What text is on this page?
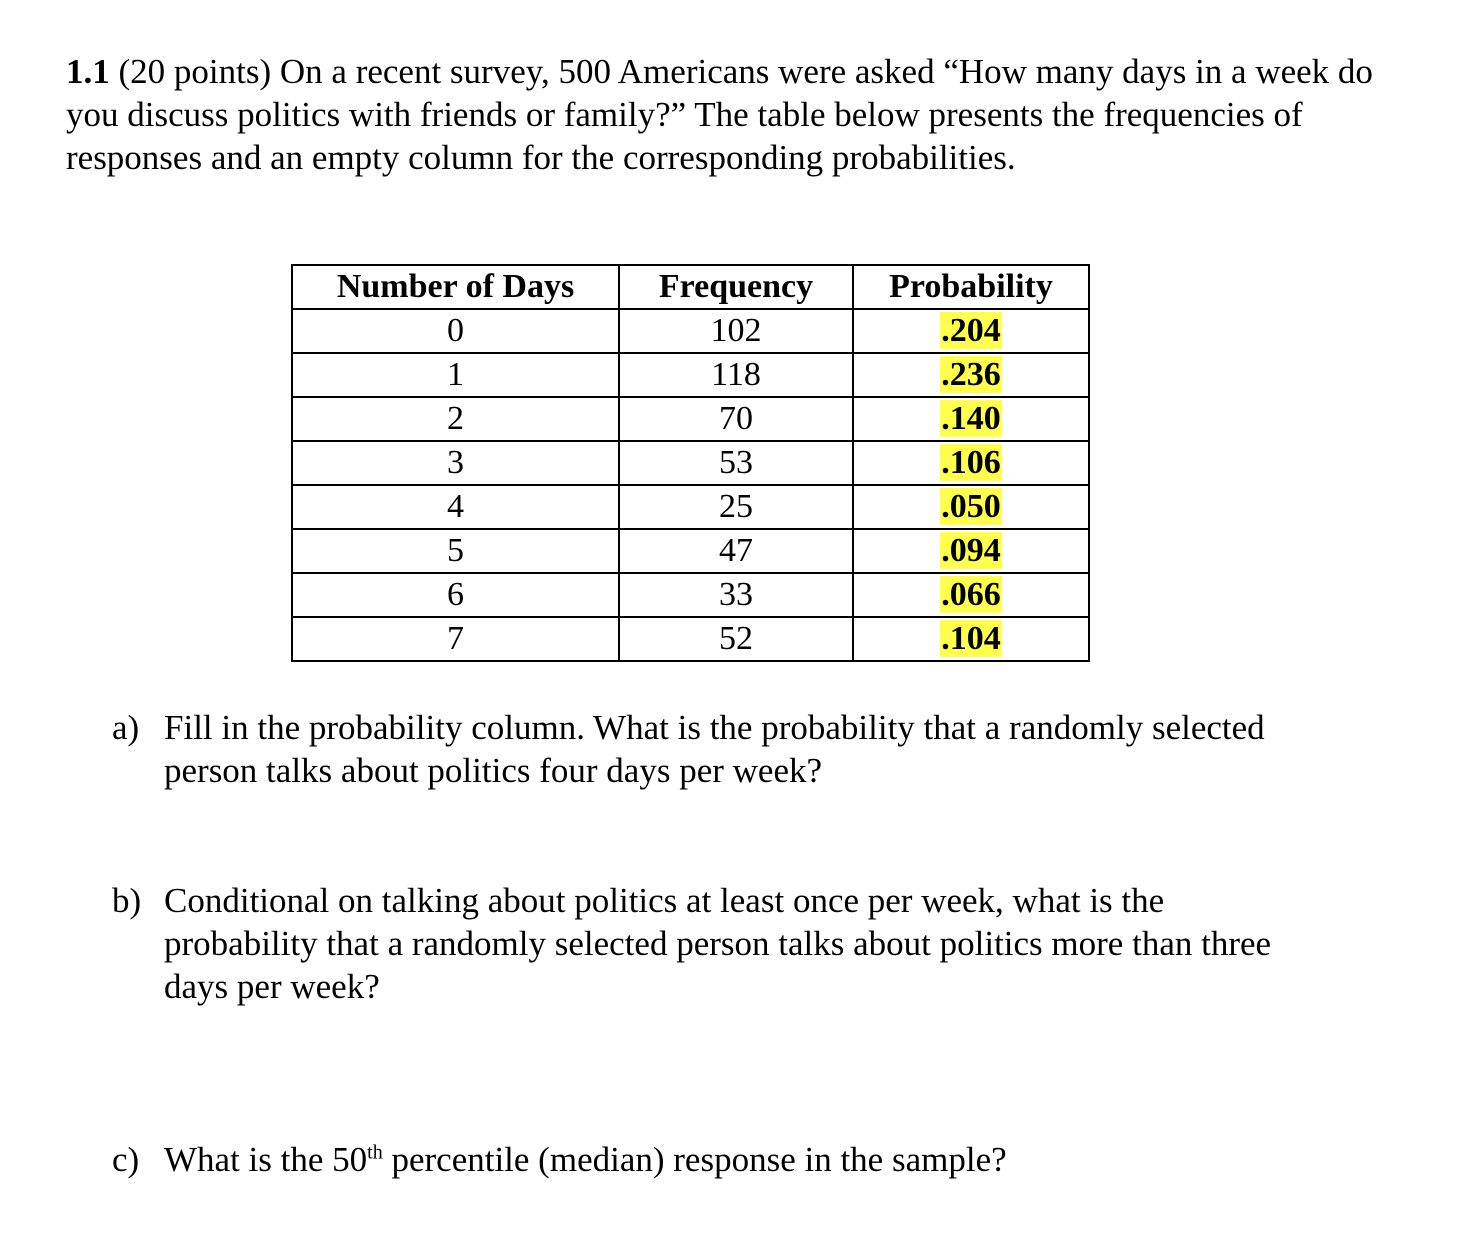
1.1 (20 points) On a recent survey, 500 Americans were asked “How many days in a week do you discuss politics with friends or family?” The table below presents the frequencies of responses and an empty column for the corresponding probabilities.

Number of Days	Frequency	Probability
0	102	.204
1	118	.236
2	70	.140
3	53	.106
4	25	.050
5	47	.094
6	33	.066
7	52	.104

a) Fill in the probability column. What is the probability that a randomly selected person talks about politics four days per week?

b) Conditional on talking about politics at least once per week, what is the probability that a randomly selected person talks about politics more than three days per week?

c) What is the 50th percentile (median) response in the sample?
